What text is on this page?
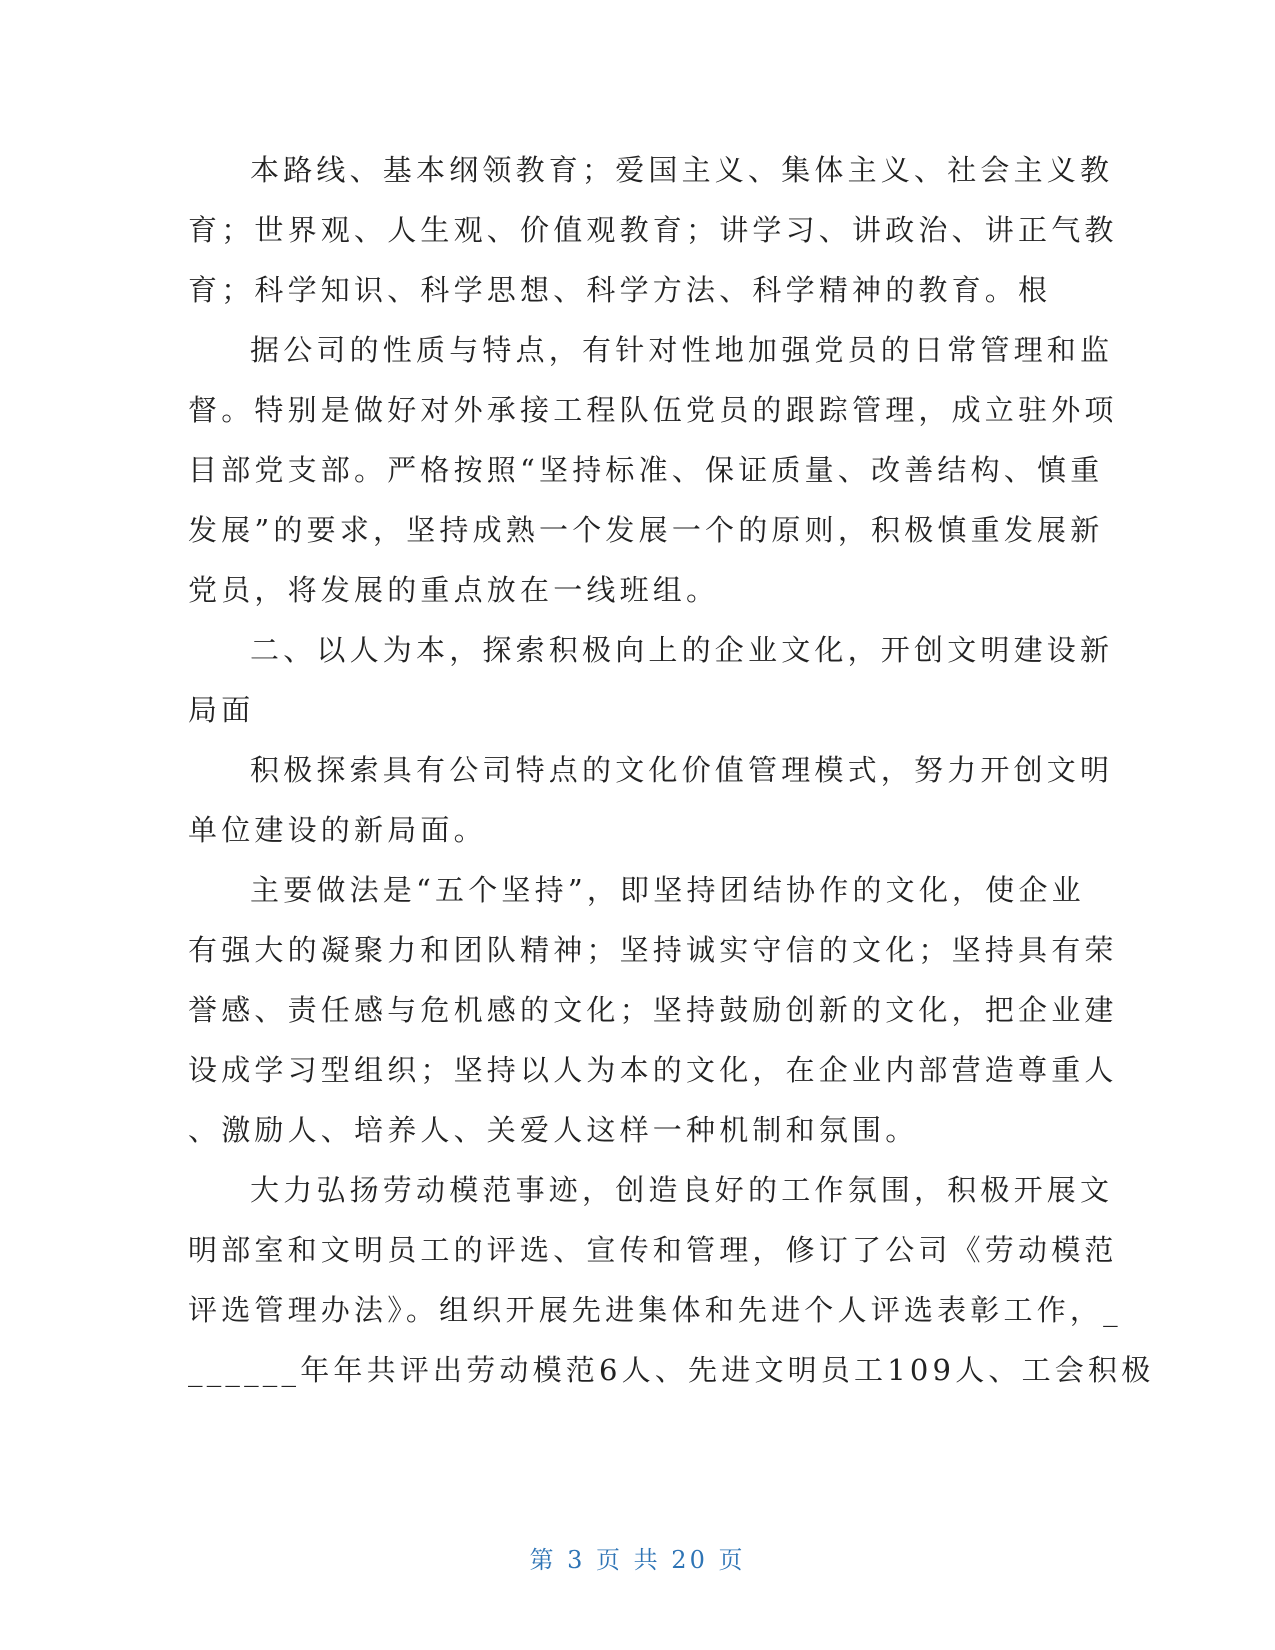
本路线、基本纲领教育；爱国主义、集体主义、社会主义教
育；世界观、人生观、价值观教育；讲学习、讲政治、讲正气教
育；科学知识、科学思想、科学方法、科学精神的教育。根
据公司的性质与特点，有针对性地加强党员的日常管理和监
督。特别是做好对外承接工程队伍党员的跟踪管理，成立驻外项
目部党支部。严格按照“坚持标准、保证质量、改善结构、慎重
发展”的要求，坚持成熟一个发展一个的原则，积极慎重发展新
党员，将发展的重点放在一线班组。
二、以人为本，探索积极向上的企业文化，开创文明建设新
局面
积极探索具有公司特点的文化价值管理模式，努力开创文明
单位建设的新局面。
主要做法是“五个坚持”，即坚持团结协作的文化，使企业
有强大的凝聚力和团队精神；坚持诚实守信的文化；坚持具有荣
誉感、责任感与危机感的文化；坚持鼓励创新的文化，把企业建
设成学习型组织；坚持以人为本的文化，在企业内部营造尊重人
、激励人、培养人、关爱人这样一种机制和氛围。
大力弘扬劳动模范事迹，创造良好的工作氛围，积极开展文
明部室和文明员工的评选、宣传和管理，修订了公司《劳动模范
评选管理办法》。组织开展先进集体和先进个人评选表彰工作，_
______年年共评出劳动模范6人、先进文明员工109人、工会积极
第 3 页 共 20 页
